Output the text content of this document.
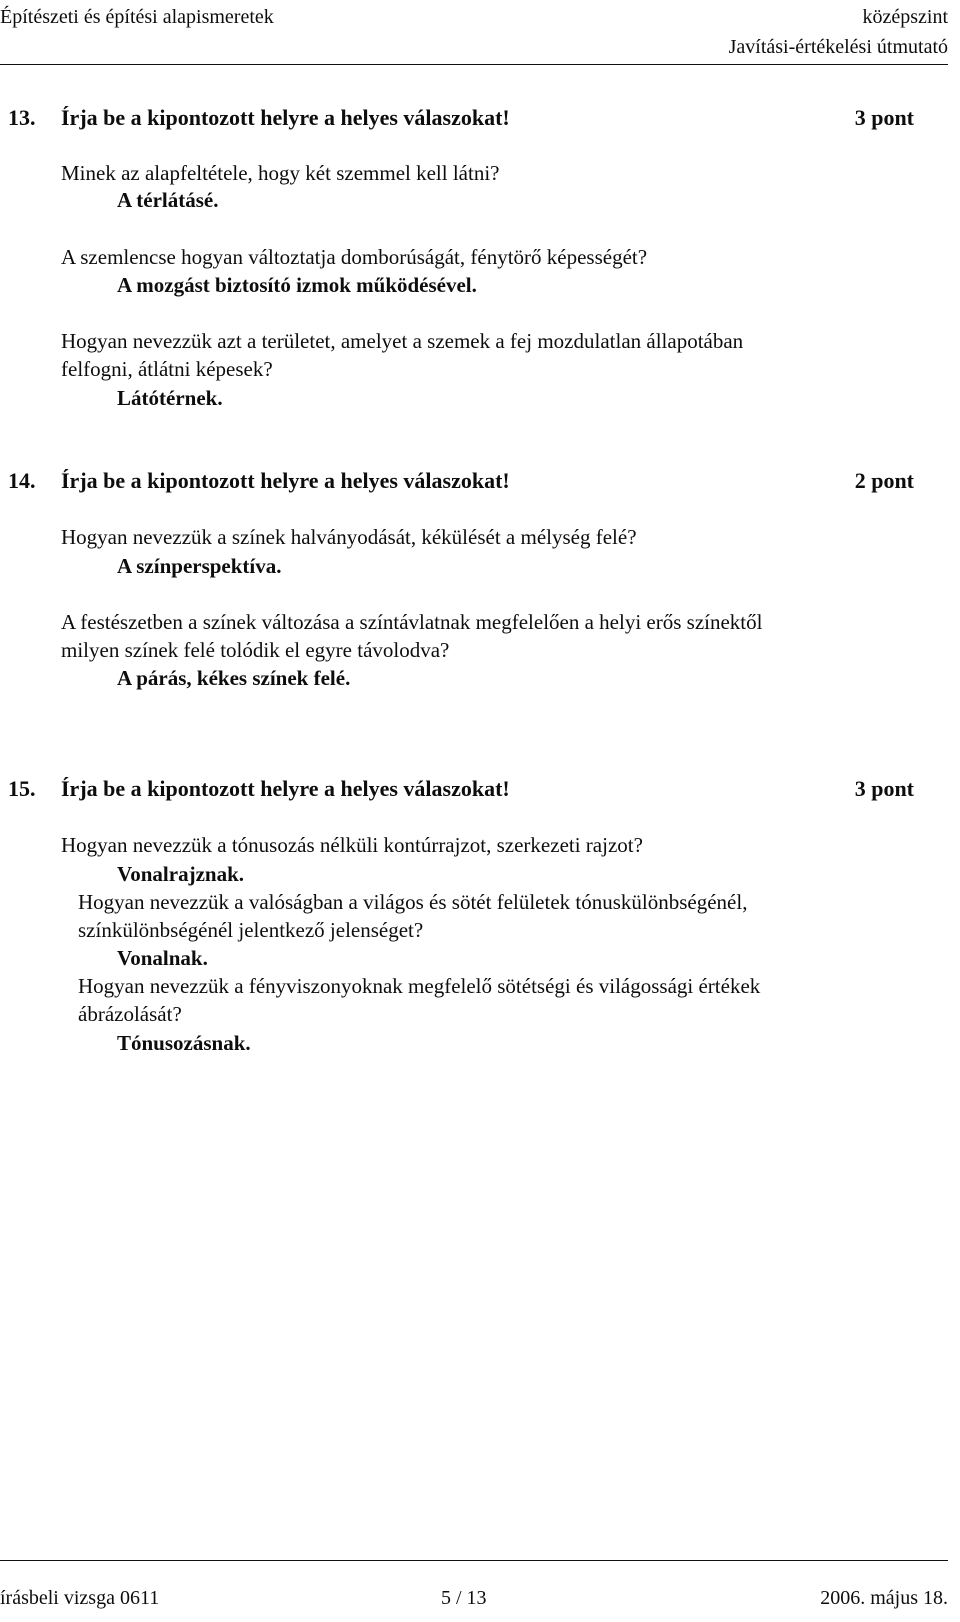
Építészeti és építési alapismeretek	középszint
Javítási-értékelési útmutató
13. Írja be a kipontozott helyre a helyes válaszokat!	3 pont
Minek az alapfeltétele, hogy két szemmel kell látni?
A térlátásé.
A szemlencse hogyan változtatja domborúságát, fénytörő képességét?
A mozgást biztosító izmok működésével.
Hogyan nevezzük azt a területet, amelyet a szemek a fej mozdulatlan állapotában
felfogni, átlátni képesek?
Látótérnek.
14. Írja be a kipontozott helyre a helyes válaszokat!	2 pont
Hogyan nevezzük a színek halványodását, kékülését a mélység felé?
A színperspektíva.
A festészetben a színek változása a színtávlatnak megfelelően a helyi erős színektől
milyen színek felé tolódik el egyre távolodva?
A párás, kékes színek felé.
15. Írja be a kipontozott helyre a helyes válaszokat!	3 pont
Hogyan nevezzük a tónusozás nélküli kontúrrajzot, szerkezeti rajzot?
Vonalrajznak.
Hogyan nevezzük a valóságban a világos és sötét felületek tónuskülönbségénél,
színkülönbségénél jelentkező jelenséget?
Vonalnak.
Hogyan nevezzük a fényviszonyoknak megfelelő sötétségi és világossági értékek
ábrázolását?
Tónusozásnak.
írásbeli vizsga 0611	5 / 13	2006. május 18.
